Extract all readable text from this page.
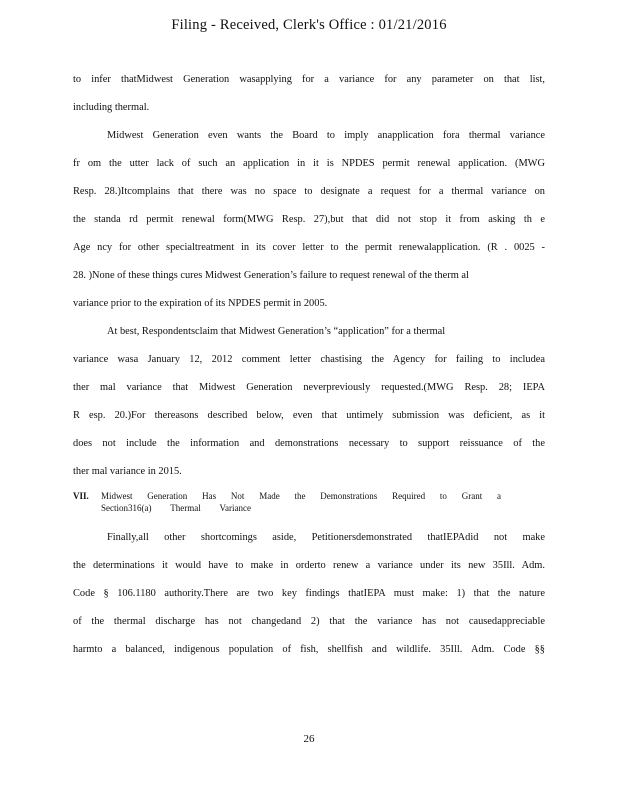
Filing - Received, Clerk's Office : 01/21/2016
to infer thatMidwest Generation wasapplying for a variance for any parameter on that list,
including thermal.
Midwest Generation even wants the Board to imply anapplication fora thermal variance
fr om the utter lack of such an application in it is NPDES permit renewal application. (MWG
Resp. 28.)Itcomplains that there was no space to designate a request for a thermal variance on
the standa rd permit renewal form(MWG Resp. 27),but that did not stop it from asking th e
Age ncy for other specialtreatment in its cover letter to the permit renewalapplication. (R . 0025 -
28. )None of these things cures Midwest Generation’s failure to request renewal of the therm al
variance prior to the expiration of its NPDES permit in 2005.
At best, Respondentsclaim that Midwest Generation’s “application” for a thermal
variance wasa January 12, 2012 comment letter chastising the Agency for failing to includea
ther mal variance that Midwest Generation neverpreviously requested.(MWG Resp. 28; IEPA
R esp. 20.)For thereasons described below, even that untimely submission was deficient, as it
does not include the information and demonstrations necessary to support reissuance of the
ther mal variance in 2015.
VII.	Midwest Generation Has Not Made the Demonstrations Required to Grant a
Section316(a) Thermal Variance
Finally,all other shortcomings aside, Petitionersdemonstrated thatIEPAdid not make
the determinations it would have to make in orderto renew a variance under its new 35Ill. Adm.
Code § 106.1180 authority.There are two key findings thatIEPA must make: 1) that the nature
of the thermal discharge has not changedand 2) that the variance has not causedappreciable
harmto a balanced, indigenous population of fish, shellfish and wildlife. 35Ill. Adm. Code §§
26
